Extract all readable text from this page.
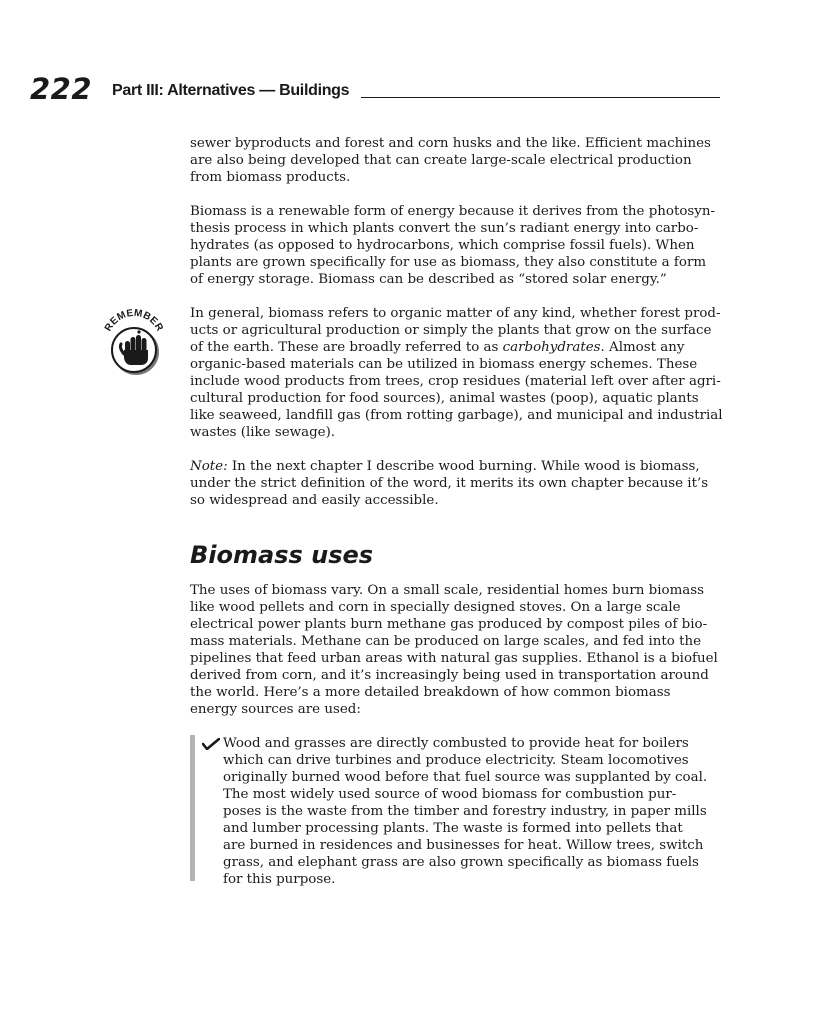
222 Part III: Alternatives — Buildings
REMEMBER

sewer byproducts and forest and corn husks and the like. Efficient machines
are also being developed that can create large-scale electrical production
from biomass products.

Biomass is a renewable form of energy because it derives from the photosyn-
thesis process in which plants convert the sun’s radiant energy into carbo-
hydrates (as opposed to hydrocarbons, which comprise fossil fuels). When
plants are grown specifically for use as biomass, they also constitute a form
of energy storage. Biomass can be described as “stored solar energy.”

In general, biomass refers to organic matter of any kind, whether forest prod-
ucts or agricultural production or simply the plants that grow on the surface
of the earth. These are broadly referred to as carbohydrates. Almost any
organic-based materials can be utilized in biomass energy schemes. These
include wood products from trees, crop residues (material left over after agri-
cultural production for food sources), animal wastes (poop), aquatic plants
like seaweed, landfill gas (from rotting garbage), and municipal and industrial
wastes (like sewage).

Note: In the next chapter I describe wood burning. While wood is biomass,
under the strict definition of the word, it merits its own chapter because it’s
so widespread and easily accessible.

Biomass uses

The uses of biomass vary. On a small scale, residential homes burn biomass
like wood pellets and corn in specially designed stoves. On a large scale
electrical power plants burn methane gas produced by compost piles of bio-
mass materials. Methane can be produced on large scales, and fed into the
pipelines that feed urban areas with natural gas supplies. Ethanol is a biofuel
derived from corn, and it’s increasingly being used in transportation around
the world. Here’s a more detailed breakdown of how common biomass
energy sources are used:

Wood and grasses are directly combusted to provide heat for boilers
which can drive turbines and produce electricity. Steam locomotives
originally burned wood before that fuel source was supplanted by coal.
The most widely used source of wood biomass for combustion pur-
poses is the waste from the timber and forestry industry, in paper mills
and lumber processing plants. The waste is formed into pellets that
are burned in residences and businesses for heat. Willow trees, switch
grass, and elephant grass are also grown specifically as biomass fuels
for this purpose.
